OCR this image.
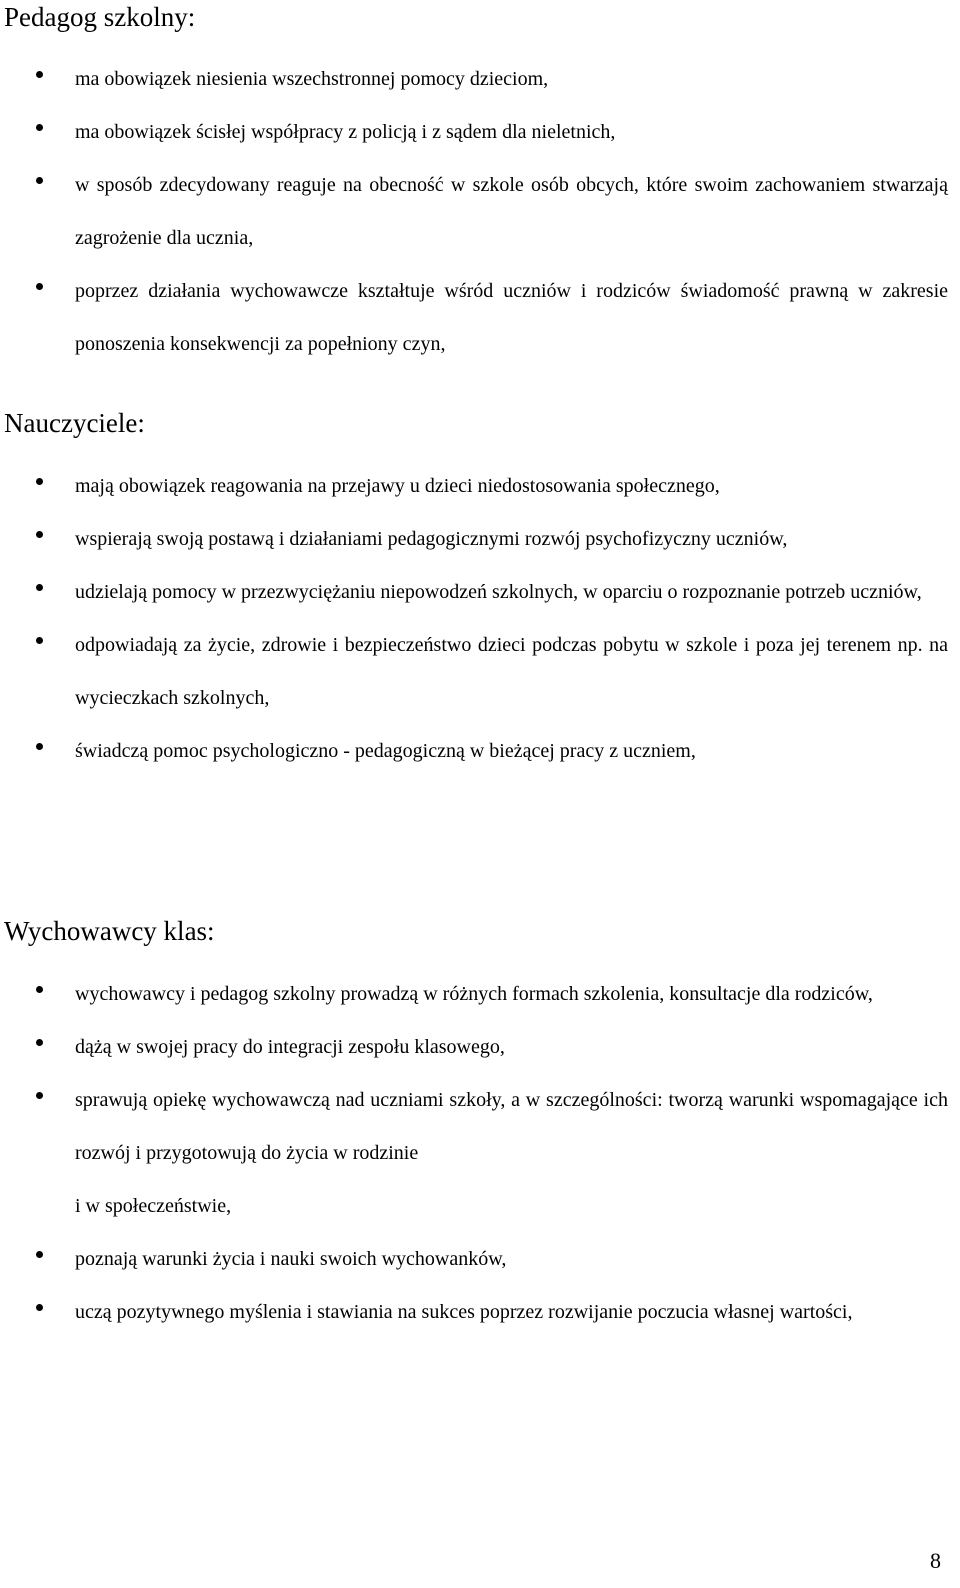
Pedagog szkolny:
ma obowiązek niesienia wszechstronnej pomocy dzieciom,
ma obowiązek ścisłej współpracy z policją i z sądem dla nieletnich,
w sposób zdecydowany reaguje na obecność w szkole osób obcych, które swoim zachowaniem stwarzają zagrożenie dla ucznia,
poprzez działania wychowawcze kształtuje wśród uczniów i rodziców świadomość prawną w zakresie ponoszenia konsekwencji za popełniony czyn,
Nauczyciele:
mają obowiązek reagowania na przejawy u dzieci niedostosowania społecznego,
wspierają swoją postawą i działaniami pedagogicznymi rozwój psychofizyczny uczniów,
udzielają pomocy w przezwyciężaniu niepowodzeń szkolnych, w oparciu o rozpoznanie potrzeb uczniów,
odpowiadają za życie, zdrowie i bezpieczeństwo dzieci podczas pobytu w szkole i poza jej terenem np. na wycieczkach szkolnych,
świadczą pomoc psychologiczno - pedagogiczną w bieżącej pracy z uczniem,
Wychowawcy klas:
wychowawcy i pedagog szkolny prowadzą w różnych formach szkolenia, konsultacje dla rodziców,
dążą w swojej pracy do integracji zespołu klasowego,
sprawują opiekę wychowawczą nad uczniami szkoły, a w szczególności: tworzą warunki wspomagające ich rozwój i przygotowują do życia w rodzinie
i w społeczeństwie,
poznają warunki życia i nauki swoich wychowanków,
uczą pozytywnego myślenia i stawiania na sukces poprzez rozwijanie poczucia własnej wartości,
8
